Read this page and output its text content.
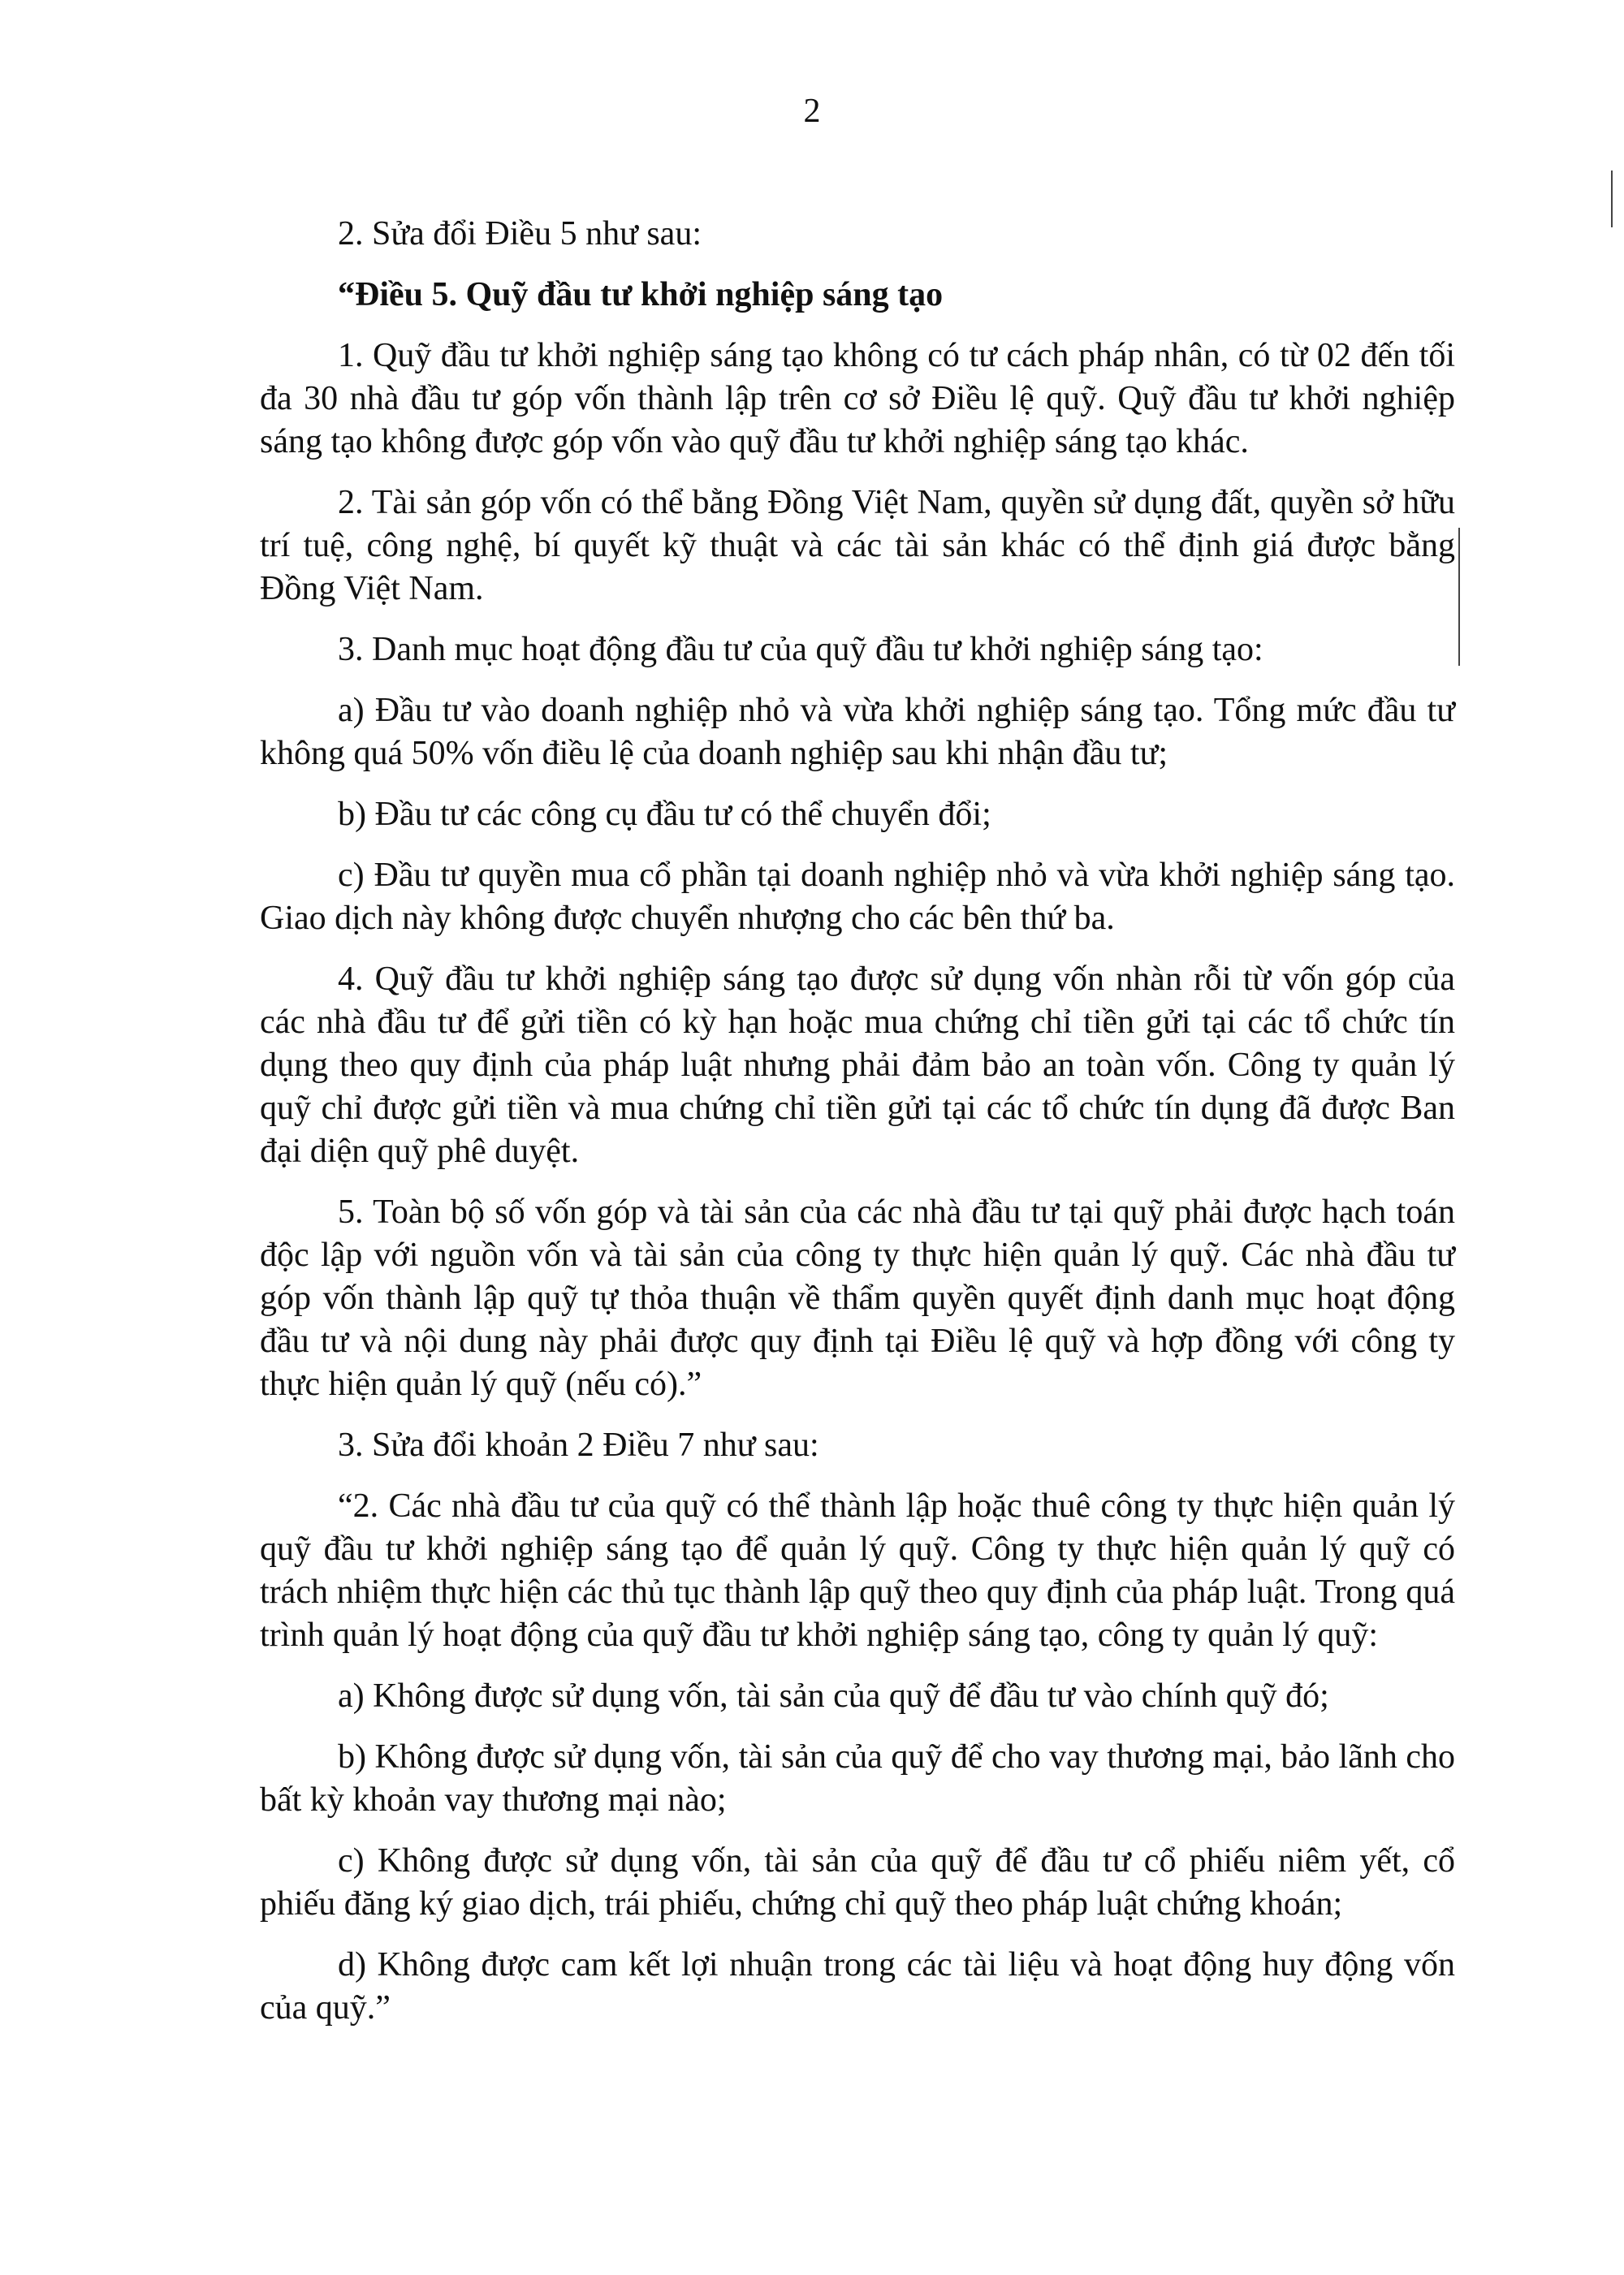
2

2. Sửa đổi Điều 5 như sau:

“Điều 5. Quỹ đầu tư khởi nghiệp sáng tạo

1. Quỹ đầu tư khởi nghiệp sáng tạo không có tư cách pháp nhân, có từ 02 đến tối đa 30 nhà đầu tư góp vốn thành lập trên cơ sở Điều lệ quỹ. Quỹ đầu tư khởi nghiệp sáng tạo không được góp vốn vào quỹ đầu tư khởi nghiệp sáng tạo khác.

2. Tài sản góp vốn có thể bằng Đồng Việt Nam, quyền sử dụng đất, quyền sở hữu trí tuệ, công nghệ, bí quyết kỹ thuật và các tài sản khác có thể định giá được bằng Đồng Việt Nam.

3. Danh mục hoạt động đầu tư của quỹ đầu tư khởi nghiệp sáng tạo:

a) Đầu tư vào doanh nghiệp nhỏ và vừa khởi nghiệp sáng tạo. Tổng mức đầu tư không quá 50% vốn điều lệ của doanh nghiệp sau khi nhận đầu tư;

b) Đầu tư các công cụ đầu tư có thể chuyển đổi;

c) Đầu tư quyền mua cổ phần tại doanh nghiệp nhỏ và vừa khởi nghiệp sáng tạo. Giao dịch này không được chuyển nhượng cho các bên thứ ba.

4. Quỹ đầu tư khởi nghiệp sáng tạo được sử dụng vốn nhàn rỗi từ vốn góp của các nhà đầu tư để gửi tiền có kỳ hạn hoặc mua chứng chỉ tiền gửi tại các tổ chức tín dụng theo quy định của pháp luật nhưng phải đảm bảo an toàn vốn. Công ty quản lý quỹ chỉ được gửi tiền và mua chứng chỉ tiền gửi tại các tổ chức tín dụng đã được Ban đại diện quỹ phê duyệt.

5. Toàn bộ số vốn góp và tài sản của các nhà đầu tư tại quỹ phải được hạch toán độc lập với nguồn vốn và tài sản của công ty thực hiện quản lý quỹ. Các nhà đầu tư góp vốn thành lập quỹ tự thỏa thuận về thẩm quyền quyết định danh mục hoạt động đầu tư và nội dung này phải được quy định tại Điều lệ quỹ và hợp đồng với công ty thực hiện quản lý quỹ (nếu có).”

3. Sửa đổi khoản 2 Điều 7 như sau:

“2. Các nhà đầu tư của quỹ có thể thành lập hoặc thuê công ty thực hiện quản lý quỹ đầu tư khởi nghiệp sáng tạo để quản lý quỹ. Công ty thực hiện quản lý quỹ có trách nhiệm thực hiện các thủ tục thành lập quỹ theo quy định của pháp luật. Trong quá trình quản lý hoạt động của quỹ đầu tư khởi nghiệp sáng tạo, công ty quản lý quỹ:

a) Không được sử dụng vốn, tài sản của quỹ để đầu tư vào chính quỹ đó;

b) Không được sử dụng vốn, tài sản của quỹ để cho vay thương mại, bảo lãnh cho bất kỳ khoản vay thương mại nào;

c) Không được sử dụng vốn, tài sản của quỹ để đầu tư cổ phiếu niêm yết, cổ phiếu đăng ký giao dịch, trái phiếu, chứng chỉ quỹ theo pháp luật chứng khoán;

d) Không được cam kết lợi nhuận trong các tài liệu và hoạt động huy động vốn của quỹ.”
